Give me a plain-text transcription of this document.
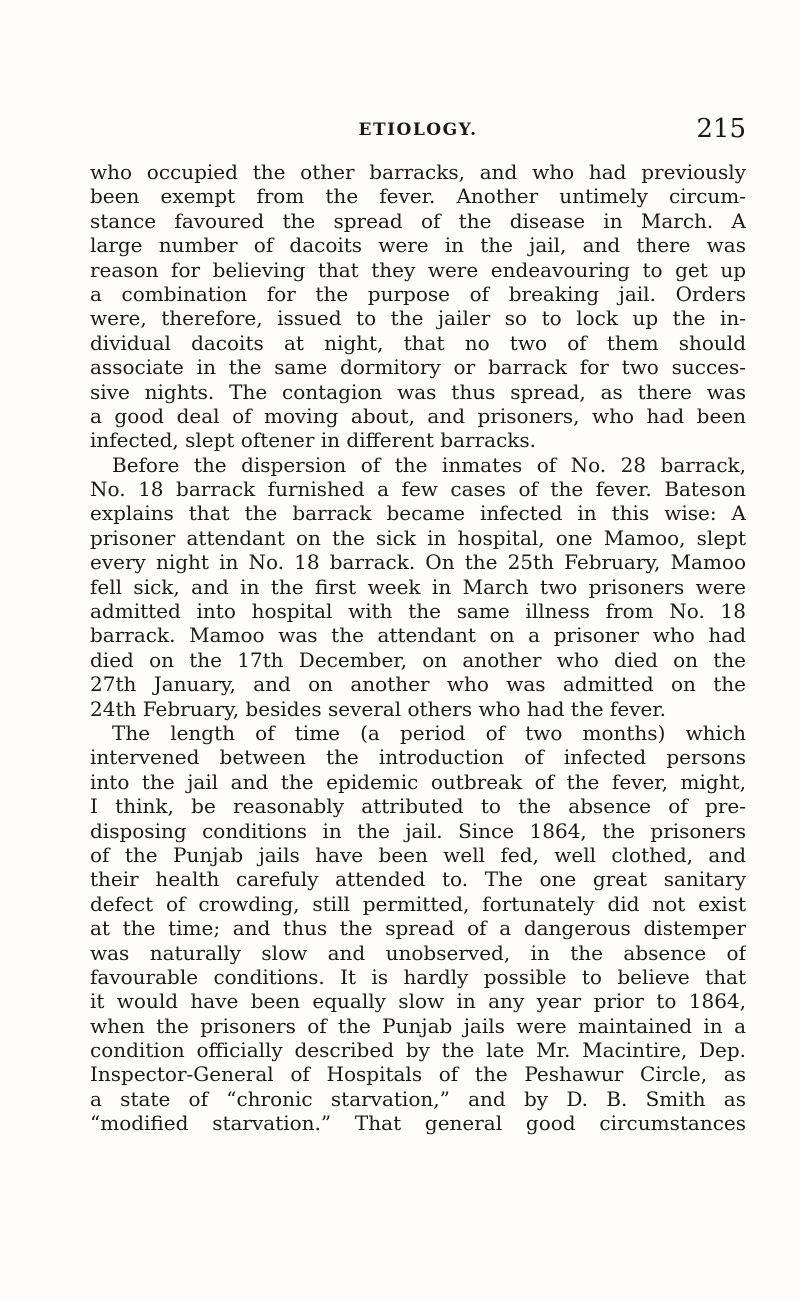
ETIOLOGY.	215
who occupied the other barracks, and who had previously
been exempt from the fever. Another untimely circum-
stance favoured the spread of the disease in March. A
large number of dacoits were in the jail, and there was
reason for believing that they were endeavouring to get up
a combination for the purpose of breaking jail. Orders
were, therefore, issued to the jailer so to lock up the in-
dividual dacoits at night, that no two of them should
associate in the same dormitory or barrack for two succes-
sive nights. The contagion was thus spread, as there was
a good deal of moving about, and prisoners, who had been
infected, slept oftener in different barracks.
Before the dispersion of the inmates of No. 28 barrack,
No. 18 barrack furnished a few cases of the fever. Bateson
explains that the barrack became infected in this wise: A
prisoner attendant on the sick in hospital, one Mamoo, slept
every night in No. 18 barrack. On the 25th February, Mamoo
fell sick, and in the first week in March two prisoners were
admitted into hospital with the same illness from No. 18
barrack. Mamoo was the attendant on a prisoner who had
died on the 17th December, on another who died on the
27th January, and on another who was admitted on the
24th February, besides several others who had the fever.
The length of time (a period of two months) which
intervened between the introduction of infected persons
into the jail and the epidemic outbreak of the fever, might,
I think, be reasonably attributed to the absence of pre-
disposing conditions in the jail. Since 1864, the prisoners
of the Punjab jails have been well fed, well clothed, and
their health carefuly attended to. The one great sanitary
defect of crowding, still permitted, fortunately did not exist
at the time; and thus the spread of a dangerous distemper
was naturally slow and unobserved, in the absence of
favourable conditions. It is hardly possible to believe that
it would have been equally slow in any year prior to 1864,
when the prisoners of the Punjab jails were maintained in a
condition officially described by the late Mr. Macintire, Dep.
Inspector-General of Hospitals of the Peshawur Circle, as
a state of “chronic starvation,” and by D. B. Smith as
“modified starvation.” That general good circumstances
